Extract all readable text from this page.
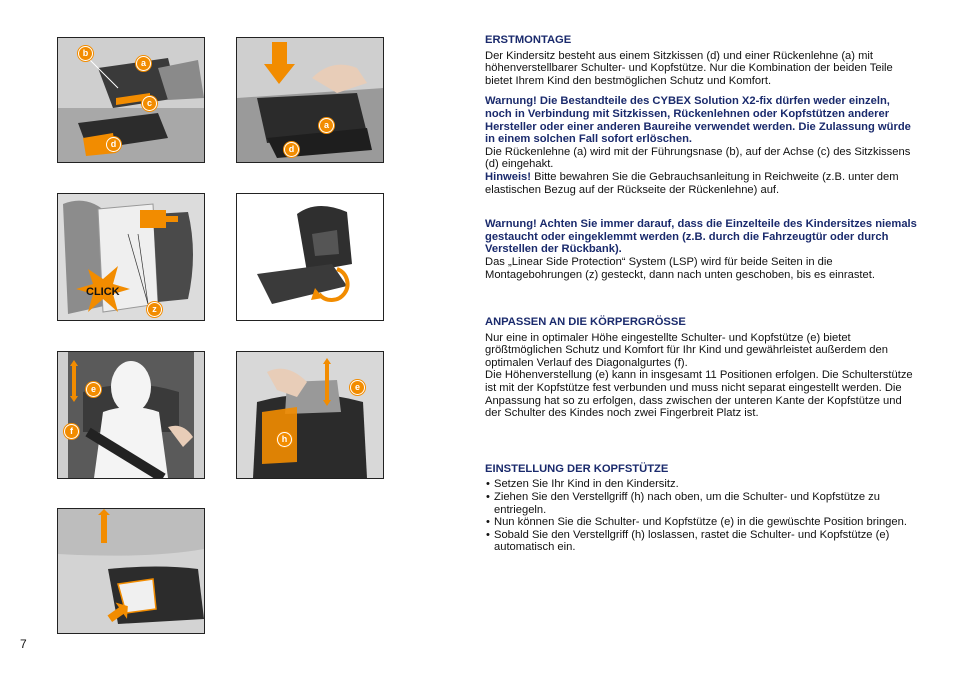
b
a
c
d
a
d
CLICK
z
e
f
e
h
7
ERSTMONTAGE

Der Kindersitz besteht aus einem Sitzkissen (d) und einer Rückenlehne (a) mit höhenverstellbarer Schulter- und Kopfstütze. Nur die Kombination der beiden Teile bietet Ihrem Kind den bestmöglichen Schutz und Komfort.

Warnung! Die Bestandteile des CYBEX Solution X2-fix dürfen weder einzeln, noch in Verbindung mit Sitzkissen, Rückenlehnen oder Kopfstützen anderer Hersteller oder einer anderen Baureihe verwendet werden. Die Zulassung würde in einem solchen Fall sofort erlöschen.

Die Rückenlehne (a) wird mit der Führungsnase (b), auf der Achse (c) des Sitzkissens (d) eingehakt.

Hinweis! Bitte bewahren Sie die Gebrauchsanleitung in Reichweite (z.B. unter dem elastischen Bezug auf der Rückseite der Rückenlehne) auf.

Warnung! Achten Sie immer darauf, dass die Einzelteile des Kindersitzes niemals gestaucht oder eingeklemmt werden (z.B. durch die Fahrzeugtür oder durch Verstellen der Rückbank).

Das „Linear Side Protection“ System (LSP) wird für beide Seiten in die Montagebohrungen (z) gesteckt, dann nach unten geschoben, bis es einrastet.

ANPASSEN AN DIE KÖRPERGRÖSSE

Nur eine in optimaler Höhe eingestellte Schulter- und Kopfstütze (e) bietet größtmöglichen Schutz und Komfort für Ihr Kind und gewährleistet außerdem den optimalen Verlauf des Diagonalgurtes (f).

Die Höhenverstellung (e) kann in insgesamt 11 Positionen erfolgen. Die Schulterstütze ist mit der Kopfstütze fest verbunden und muss nicht separat eingestellt werden. Die Anpassung hat so zu erfolgen, dass zwischen der unteren Kante der Kopfstütze und der Schulter des Kindes noch zwei Fingerbreit Platz ist.

EINSTELLUNG DER KOPFSTÜTZE
• Setzen Sie Ihr Kind in den Kindersitz.
• Ziehen Sie den Verstellgriff (h) nach oben, um die Schulter- und Kopfstütze zu entriegeln.
• Nun können Sie die Schulter- und Kopfstütze (e) in die gewüschte Position bringen.
• Sobald Sie den Verstellgriff (h) loslassen, rastet die Schulter- und Kopfstütze (e) automatisch ein.
